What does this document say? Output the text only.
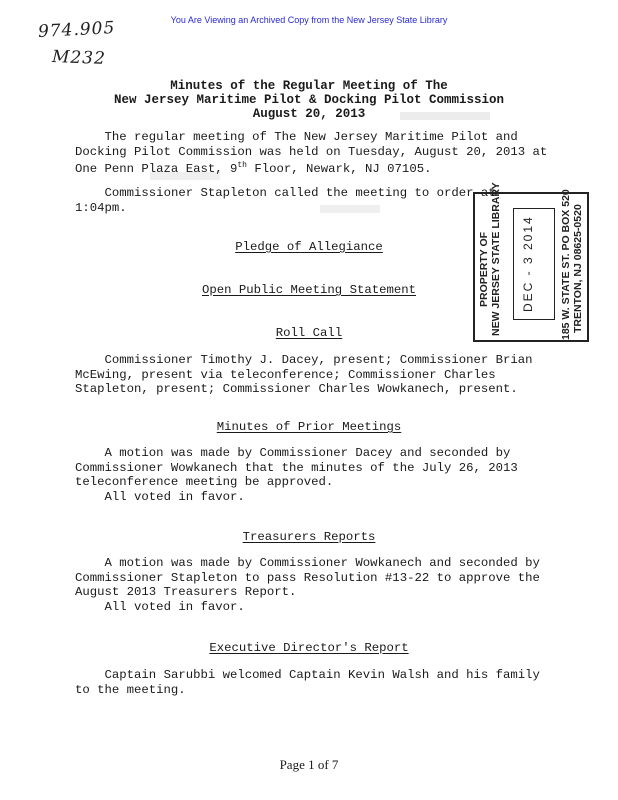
You Are Viewing an Archived Copy from the New Jersey State Library
974.905
M232
Minutes of the Regular Meeting of The
New Jersey Maritime Pilot & Docking Pilot Commission
August 20, 2013
The regular meeting of The New Jersey Maritime Pilot and
Docking Pilot Commission was held on Tuesday, August 20, 2013 at
One Penn Plaza East, 9th Floor, Newark, NJ 07105.
Commissioner Stapleton called the meeting to order at
1:04pm.
Pledge of Allegiance
Open Public Meeting Statement
Roll Call
Commissioner Timothy J. Dacey, present; Commissioner Brian
McEwing, present via teleconference; Commissioner Charles
Stapleton, present; Commissioner Charles Wowkanech, present.
Minutes of Prior Meetings
A motion was made by Commissioner Dacey and seconded by
Commissioner Wowkanech that the minutes of the July 26, 2013
teleconference meeting be approved.
All voted in favor.
Treasurers Reports
A motion was made by Commissioner Wowkanech and seconded by
Commissioner Stapleton to pass Resolution #13-22 to approve the
August 2013 Treasurers Report.
All voted in favor.
Executive Director's Report
Captain Sarubbi welcomed Captain Kevin Walsh and his family
to the meeting.
PROPERTY OF NEW JERSEY STATE LIBRARY DEC - 3 2014 185 W. STATE ST. PO BOX 520 TRENTON, NJ 08625-0520
Page 1 of 7
